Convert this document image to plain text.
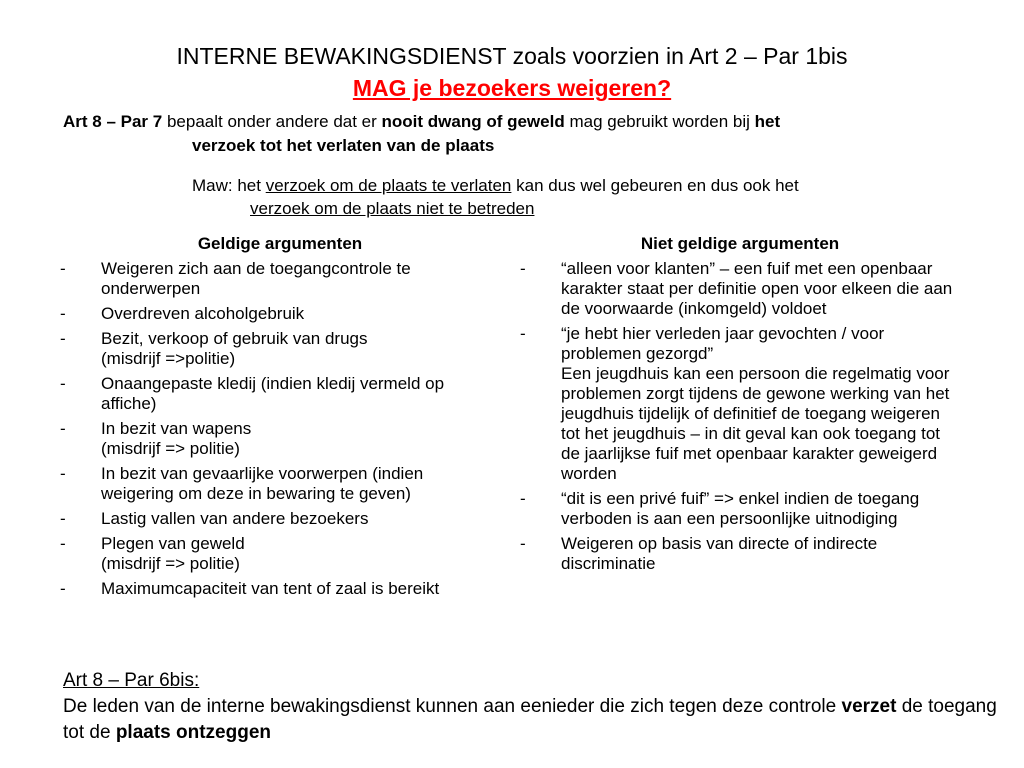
INTERNE BEWAKINGSDIENST zoals voorzien in Art 2 – Par 1bis
MAG je bezoekers weigeren?
Art 8 – Par 7 bepaalt onder andere dat er nooit dwang of geweld mag gebruikt worden bij het
verzoek tot het verlaten van de plaats
Maw: het verzoek om de plaats te verlaten kan dus wel gebeuren en dus ook het
verzoek om de plaats niet te betreden
Geldige argumenten
-	Weigeren zich aan de toegangcontrole te onderwerpen
-	Overdreven alcoholgebruik
-	Bezit, verkoop of gebruik van drugs
(misdrijf =>politie)
-	Onaangepaste kledij (indien kledij vermeld op affiche)
-	In bezit van wapens
(misdrijf => politie)
-	In bezit van gevaarlijke voorwerpen (indien weigering om deze in bewaring te geven)
-	Lastig vallen van andere bezoekers
-	Plegen van geweld
(misdrijf => politie)
-	Maximumcapaciteit van tent of zaal is bereikt
Niet geldige argumenten
-	“alleen voor klanten” – een fuif met een openbaar karakter staat per definitie open voor elkeen die aan de voorwaarde (inkomgeld) voldoet
-	“je hebt hier verleden jaar gevochten / voor problemen gezorgd”
Een jeugdhuis kan een persoon die regelmatig voor problemen zorgt tijdens de gewone werking van het jeugdhuis tijdelijk of definitief de toegang weigeren tot het jeugdhuis – in dit geval kan ook toegang tot de jaarlijkse fuif met openbaar karakter geweigerd worden
-	“dit is een privé fuif” => enkel indien de toegang verboden is aan een persoonlijke uitnodiging
-	Weigeren op basis van directe of indirecte discriminatie
Art 8 – Par 6bis:
De leden van de interne bewakingsdienst kunnen aan eenieder die zich tegen deze controle verzet de toegang tot de plaats ontzeggen
